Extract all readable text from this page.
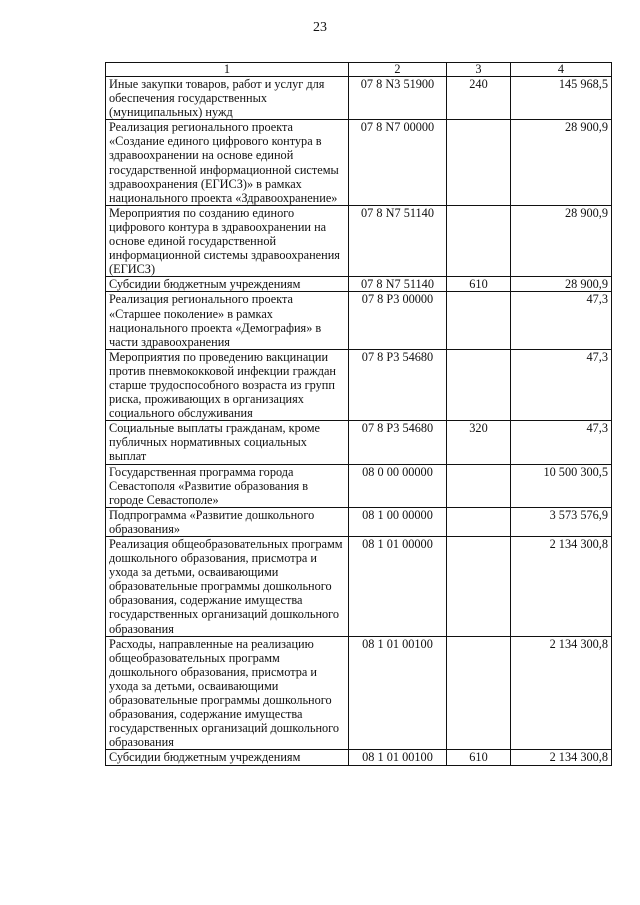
23
1	2	3	4
Иные закупки товаров, работ и услуг для обеспечения государственных (муниципальных) нужд	07 8 N3 51900	240	145 968,5
Реализация регионального проекта «Создание единого цифрового контура в здравоохранении на основе единой государственной информационной системы здравоохранения (ЕГИСЗ)» в рамках национального проекта «Здравоохранение»	07 8 N7 00000		28 900,9
Мероприятия по созданию единого цифрового контура в здравоохранении на основе единой государственной информационной системы здравоохранения (ЕГИСЗ)	07 8 N7 51140		28 900,9
Субсидии бюджетным учреждениям	07 8 N7 51140	610	28 900,9
Реализация регионального проекта «Старшее поколение» в рамках национального проекта «Демография» в части здравоохранения	07 8 P3 00000		47,3
Мероприятия по проведению вакцинации против пневмококковой инфекции граждан старше трудоспособного возраста из групп риска, проживающих в организациях социального обслуживания	07 8 P3 54680		47,3
Социальные выплаты гражданам, кроме публичных нормативных социальных выплат	07 8 P3 54680	320	47,3
Государственная программа города Севастополя «Развитие образования в городе Севастополе»	08 0 00 00000		10 500 300,5
Подпрограмма «Развитие дошкольного образования»	08 1 00 00000		3 573 576,9
Реализация общеобразовательных программ дошкольного образования, присмотра и ухода за детьми, осваивающими образовательные программы дошкольного образования, содержание имущества государственных организаций дошкольного образования	08 1 01 00000		2 134 300,8
Расходы, направленные на реализацию общеобразовательных программ дошкольного образования, присмотра и ухода за детьми, осваивающими образовательные программы дошкольного образования, содержание имущества государственных организаций дошкольного образования	08 1 01 00100		2 134 300,8
Субсидии бюджетным учреждениям	08 1 01 00100	610	2 134 300,8
